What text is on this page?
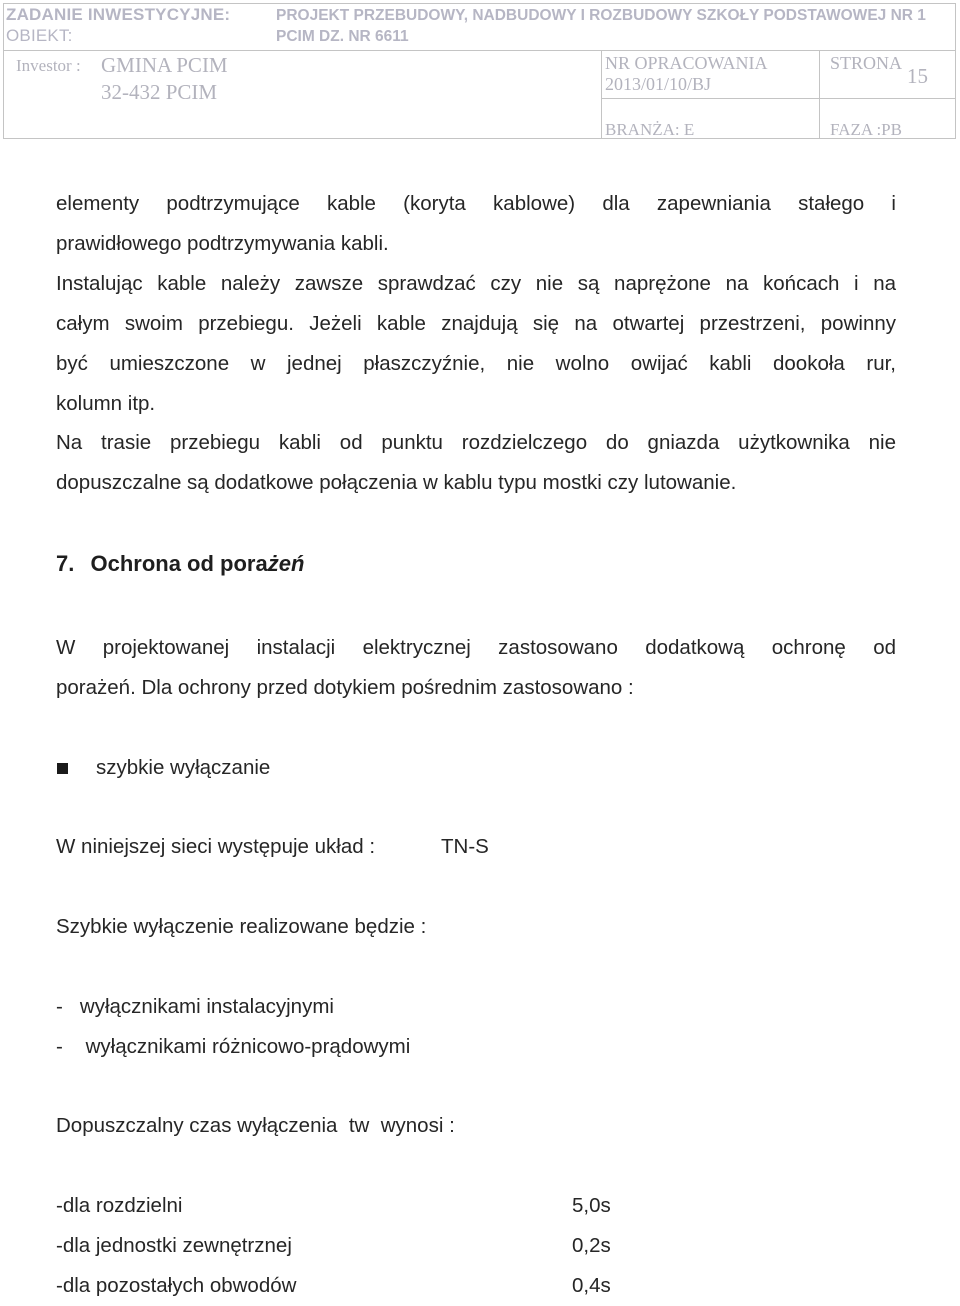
ZADANIE INWESTYCYJNE:	PROJEKT PRZEBUDOWY, NADBUDOWY I ROZBUDOWY SZKOŁY PODSTAWOWEJ NR 1
OBIEKT:	PCIM DZ. NR 6611
Investor : GMINA PCIM
32-432 PCIM
NR OPRACOWANIA
2013/01/10/BJ
STRONA
15
BRANŻA: E	FAZA :PB
elementy podtrzymujące kable (koryta kablowe) dla zapewniania stałego i
prawidłowego podtrzymywania kabli.
Instalując kable należy zawsze sprawdzać czy nie są naprężone na końcach i na
całym swoim przebiegu. Jeżeli kable znajdują się na otwartej przestrzeni, powinny
być umieszczone w jednej płaszczyźnie, nie wolno owijać kabli dookoła rur,
kolumn itp.
Na trasie przebiegu kabli od punktu rozdzielczego do gniazda użytkownika nie
dopuszczalne są dodatkowe połączenia w kablu typu mostki czy lutowanie.
7. Ochrona od porażeń
W projektowanej instalacji elektrycznej zastosowano dodatkową ochronę od
porażeń. Dla ochrony przed dotykiem pośrednim zastosowano :
szybkie wyłączanie
W niniejszej sieci występuje układ :	TN-S
Szybkie wyłączenie realizowane będzie :
-   wyłącznikami instalacyjnymi
-    wyłącznikami różnicowo-prądowymi
Dopuszczalny czas wyłączenia  tw  wynosi :
-dla rozdzielni	5,0s
-dla jednostki zewnętrznej	0,2s
-dla pozostałych obwodów	0,4s
